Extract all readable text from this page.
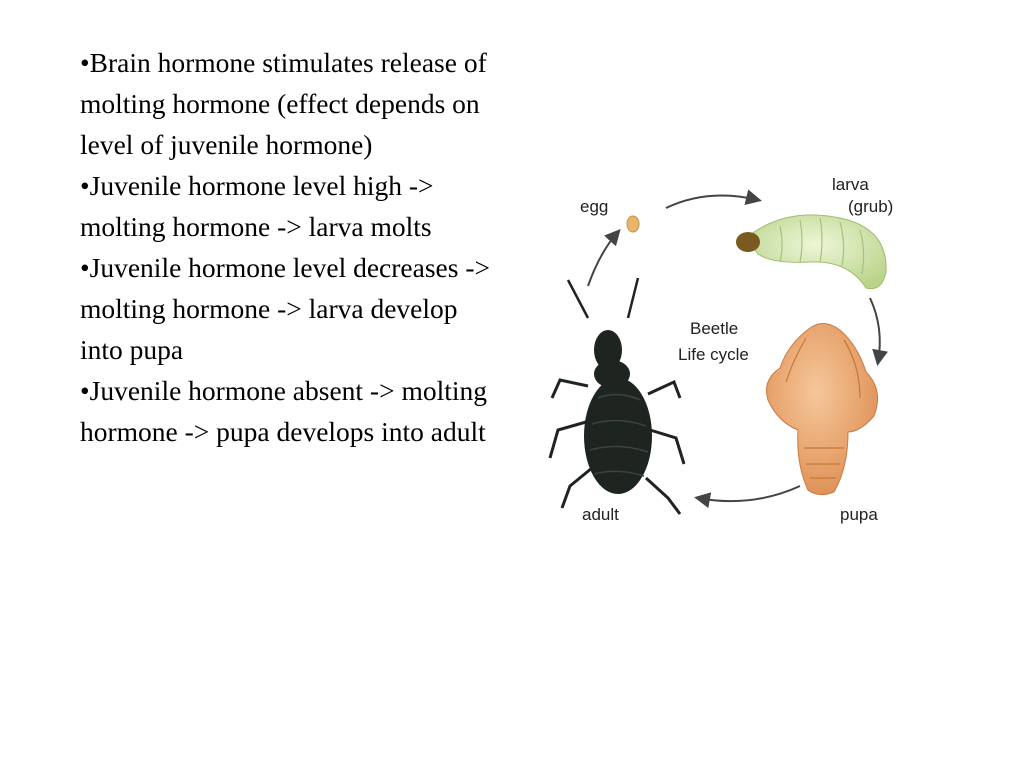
•Brain hormone stimulates release of molting hormone (effect depends on level of juvenile hormone)
•Juvenile hormone level high -> molting hormone -> larva molts
•Juvenile hormone level decreases -> molting hormone -> larva develop into pupa
•Juvenile hormone absent -> molting hormone -> pupa develops into adult
egg
larva
(grub)
Beetle
Life cycle
pupa
adult
